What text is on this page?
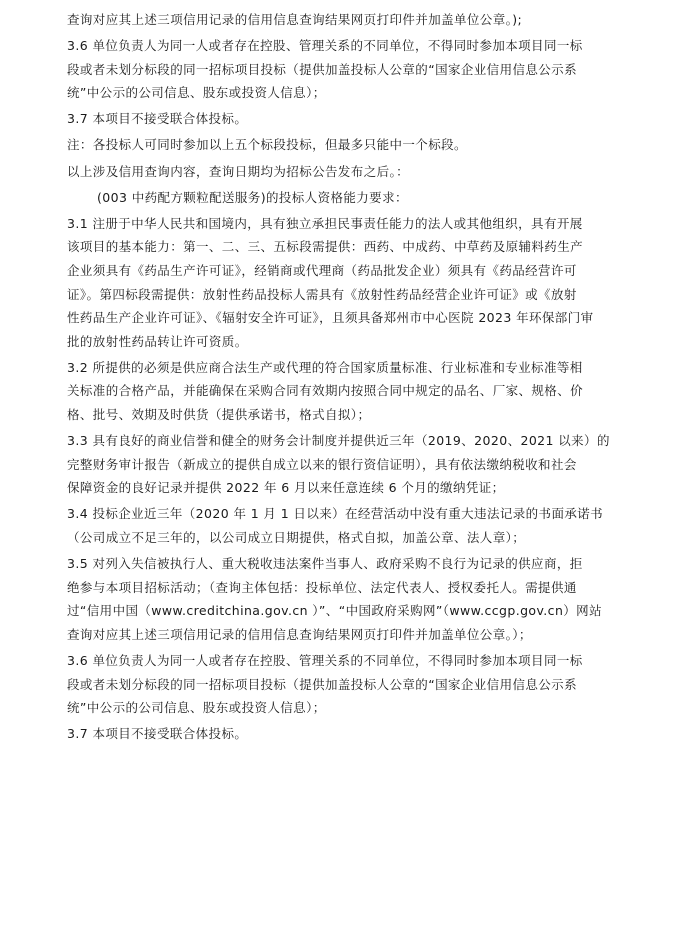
查询对应其上述三项信用记录的信用信息查询结果网页打印件并加盖单位公章。);

3.6 单位负责人为同一人或者存在控股、管理关系的不同单位，不得同时参加本项目同一标
段或者未划分标段的同一招标项目投标（提供加盖投标人公章的“国家企业信用信息公示系
统”中公示的公司信息、股东或投资人信息）；

3.7 本项目不接受联合体投标。

注：各投标人可同时参加以上五个标段投标，但最多只能中一个标段。

以上涉及信用查询内容，查询日期均为招标公告发布之后。：

(003 中药配方颗粒配送服务)的投标人资格能力要求：

3.1 注册于中华人民共和国境内，具有独立承担民事责任能力的法人或其他组织，具有开展
该项目的基本能力：第一、二、三、五标段需提供：西药、中成药、中草药及原辅料药生产
企业须具有《药品生产许可证》，经销商或代理商（药品批发企业）须具有《药品经营许可
证》。第四标段需提供：放射性药品投标人需具有《放射性药品经营企业许可证》或《放射
性药品生产企业许可证》、《辐射安全许可证》，且须具备郑州市中心医院 2023 年环保部门审
批的放射性药品转让许可资质。

3.2 所提供的必须是供应商合法生产或代理的符合国家质量标准、行业标准和专业标准等相
关标准的合格产品，并能确保在采购合同有效期内按照合同中规定的品名、厂家、规格、价
格、批号、效期及时供货（提供承诺书，格式自拟）；

3.3 具有良好的商业信誉和健全的财务会计制度并提供近三年（2019、2020、2021 以来）的
完整财务审计报告（新成立的提供自成立以来的银行资信证明），具有依法缴纳税收和社会
保障资金的良好记录并提供 2022 年 6 月以来任意连续 6 个月的缴纳凭证；

3.4 投标企业近三年（2020 年 1 月 1 日以来）在经营活动中没有重大违法记录的书面承诺书
（公司成立不足三年的，以公司成立日期提供，格式自拟，加盖公章、法人章）；

3.5 对列入失信被执行人、重大税收违法案件当事人、政府采购不良行为记录的供应商，拒
绝参与本项目招标活动；（查询主体包括：投标单位、法定代表人、授权委托人。需提供通
过“信用中国（www.creditchina.gov.cn ）”、“中国政府采购网”（www.ccgp.gov.cn）网站
查询对应其上述三项信用记录的信用信息查询结果网页打印件并加盖单位公章。）；

3.6 单位负责人为同一人或者存在控股、管理关系的不同单位，不得同时参加本项目同一标
段或者未划分标段的同一招标项目投标（提供加盖投标人公章的“国家企业信用信息公示系
统”中公示的公司信息、股东或投资人信息）；

3.7 本项目不接受联合体投标。
